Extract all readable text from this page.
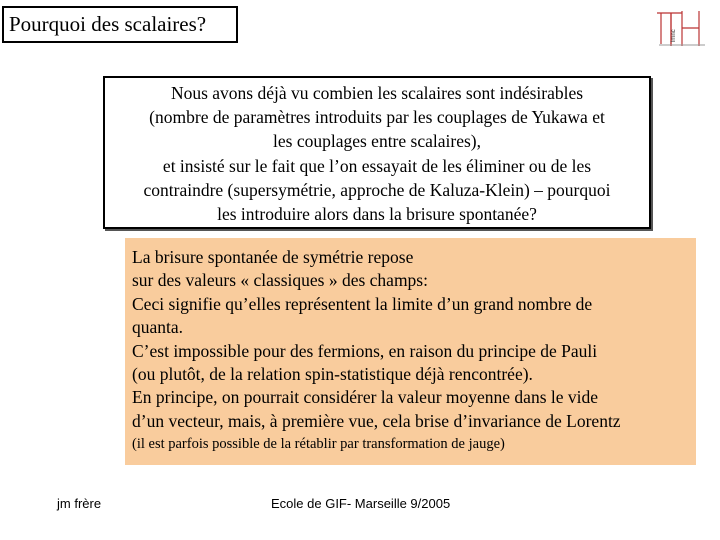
Pourquoi des scalaires?	lmnc
Nous avons déjà vu combien les scalaires sont indésirables
(nombre de paramètres introduits par les couplages de Yukawa et
les couplages entre scalaires),
et insisté sur le fait que l’on essayait de les éliminer ou de les
contraindre (supersymétrie, approche de Kaluza-Klein) – pourquoi
les introduire alors dans la brisure spontanée?
La brisure spontanée de symétrie repose
sur des valeurs « classiques » des champs:
Ceci signifie qu’elles représentent la limite d’un grand nombre de
quanta.
C’est impossible pour des fermions, en raison du principe de Pauli
(ou plutôt, de la relation spin-statistique déjà rencontrée).
En principe, on pourrait considérer la valeur moyenne dans le vide
d’un vecteur, mais, à première vue, cela brise d’invariance de Lorentz
(il est parfois possible de la rétablir par transformation de jauge)
jm frère	Ecole de GIF- Marseille 9/2005
